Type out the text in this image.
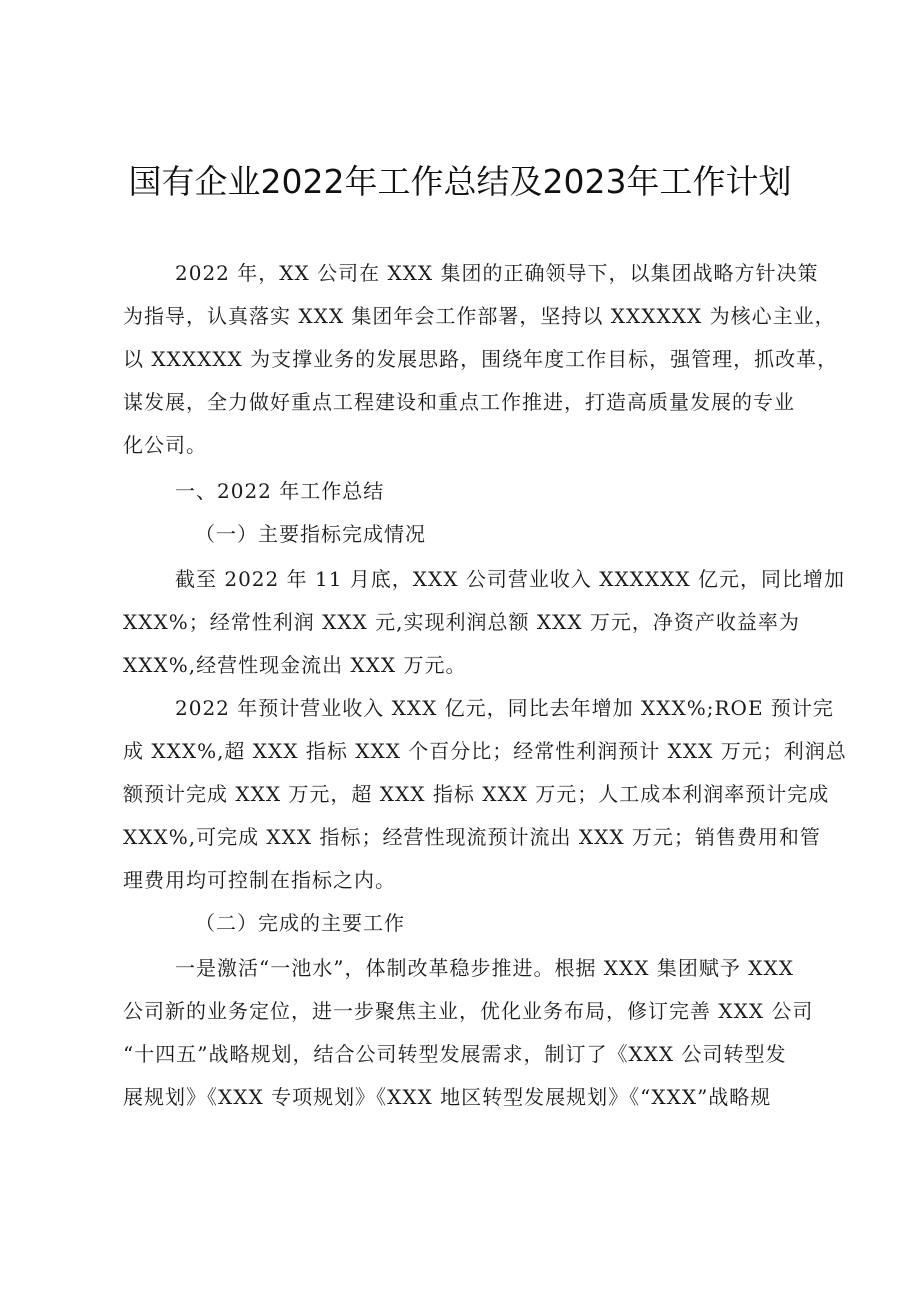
国有企业2022年工作总结及2023年工作计划
2022 年，XX 公司在 XXX 集团的正确领导下，以集团战略方针决策
为指导，认真落实 XXX 集团年会工作部署，坚持以 XXXXXX 为核心主业，
以 XXXXXX 为支撑业务的发展思路，围绕年度工作目标，强管理，抓改革，
谋发展，全力做好重点工程建设和重点工作推进，打造高质量发展的专业
化公司。
一、2022 年工作总结
（一）主要指标完成情况
截至 2022 年 11 月底，XXX 公司营业收入 XXXXXX 亿元，同比增加
XXX%；经常性利润 XXX 元,实现利润总额 XXX 万元，净资产收益率为
XXX%,经营性现金流出 XXX 万元。
2022 年预计营业收入 XXX 亿元，同比去年增加 XXX%;ROE 预计完
成 XXX%,超 XXX 指标 XXX 个百分比；经常性利润预计 XXX 万元；利润总
额预计完成 XXX 万元，超 XXX 指标 XXX 万元；人工成本利润率预计完成
XXX%,可完成 XXX 指标；经营性现流预计流出 XXX 万元；销售费用和管
理费用均可控制在指标之内。
（二）完成的主要工作
一是激活“一池水”，体制改革稳步推进。根据 XXX 集团赋予 XXX
公司新的业务定位，进一步聚焦主业，优化业务布局，修订完善 XXX 公司
“十四五”战略规划，结合公司转型发展需求，制订了《XXX 公司转型发
展规划》《XXX 专项规划》《XXX 地区转型发展规划》《“XXX”战略规
